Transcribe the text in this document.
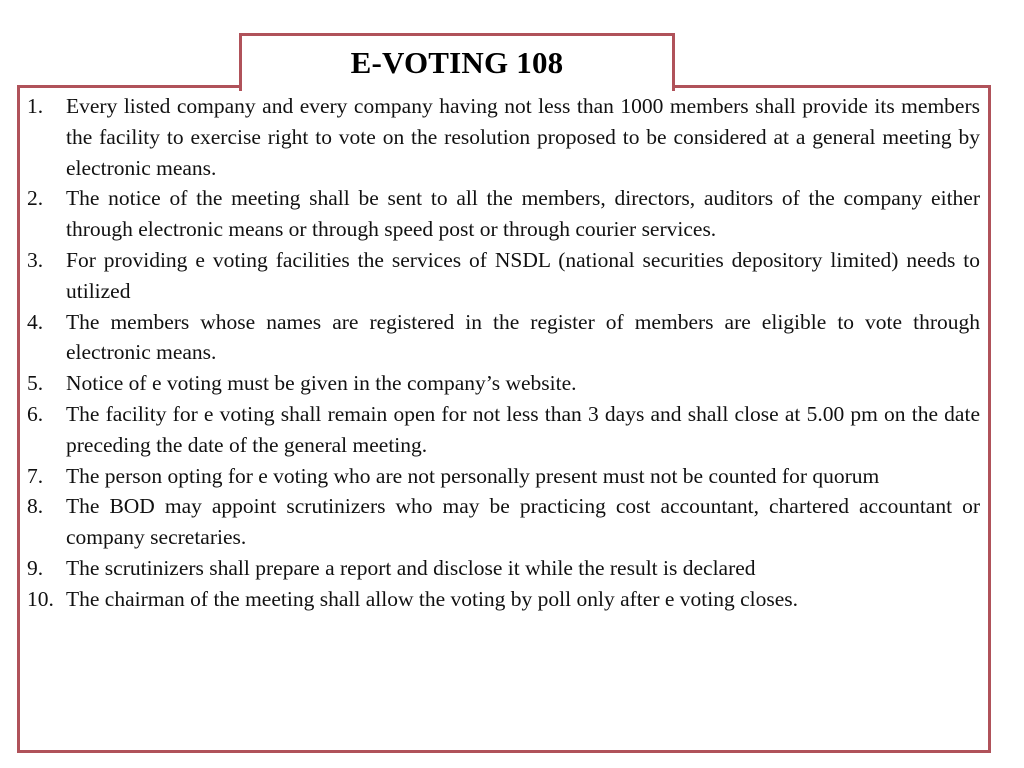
E-VOTING 108
1. Every listed company and every company having not less than 1000 members shall provide its members the facility to exercise right to vote on the resolution proposed to be considered at a general meeting by electronic means.
2. The notice of the meeting shall be sent to all the members, directors, auditors of the company either through electronic means or through speed post or through courier services.
3. For providing e voting facilities the services of NSDL (national securities depository limited) needs to utilized
4. The members whose names are registered in the register of members are eligible to vote through electronic means.
5. Notice of e voting must be given in the company’s website.
6. The facility for e voting shall remain open for not less than 3 days and shall close at 5.00 pm on the date preceding the date of the general meeting.
7. The person opting for e voting who are not personally present must not be counted for quorum
8. The BOD may appoint scrutinizers who may be practicing cost accountant, chartered accountant or company secretaries.
9. The scrutinizers shall prepare a report and disclose it while the result is declared
10. The chairman of the meeting shall allow the voting by poll only after e voting closes.
